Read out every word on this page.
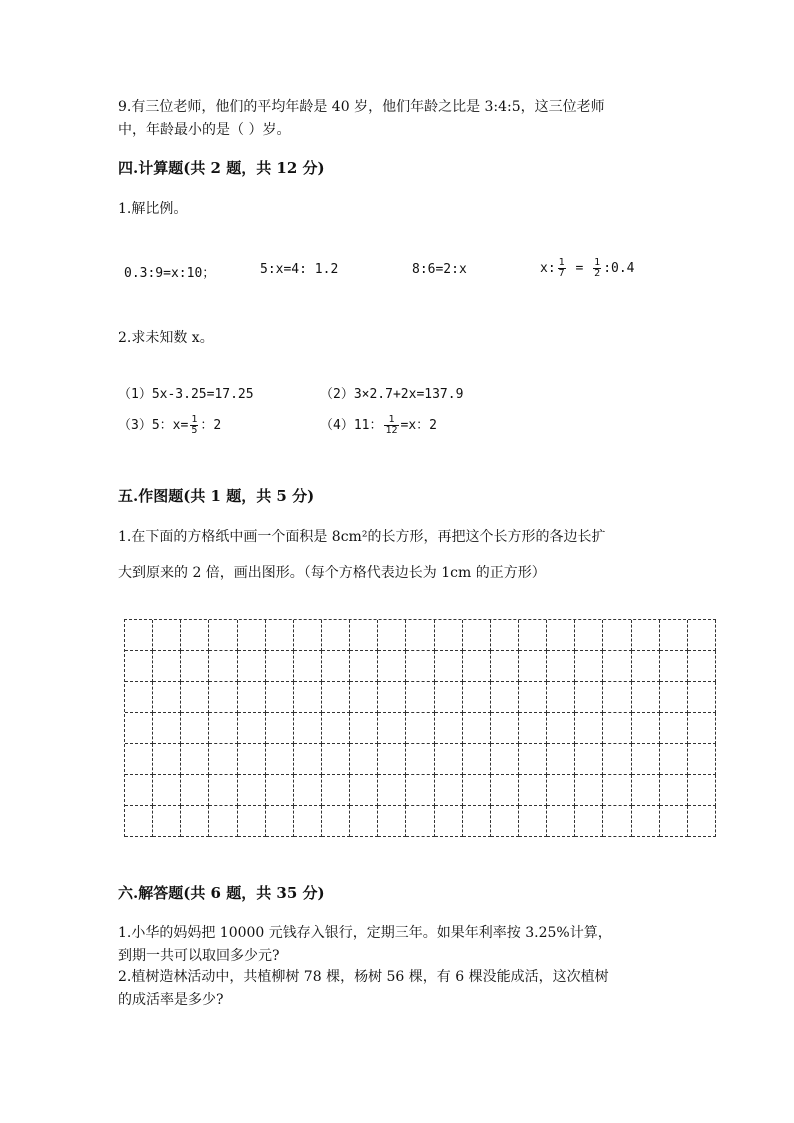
9.有三位老师，他们的平均年龄是 40 岁，他们年龄之比是 3:4:5，这三位老师
中，年龄最小的是（ ）岁。
四.计算题(共 2 题，共 12 分)
1.解比例。
0.3:9=x:10；	5:x=4: 1.2	8:6=2:x	x: $\frac{1}{7} = \frac{1}{2}$ :0.4
2.求未知数 x。
（1）5x-3.25=17.25	（2）3×2.7+2x=137.9
（3）5：$x= \frac{1}{5}$ ：2	（4）11： $\frac{1}{12} =x$：2
五.作图题(共 1 题，共 5 分)
1.在下面的方格纸中画一个面积是 8cm²的长方形，再把这个长方形的各边长扩
大到原来的 2 倍，画出图形。（每个方格代表边长为 1cm 的正方形）
六.解答题(共 6 题，共 35 分)
1.小华的妈妈把 10000 元钱存入银行，定期三年。如果年利率按 3.25%计算，
到期一共可以取回多少元?
2.植树造林活动中，共植柳树 78 棵，杨树 56 棵，有 6 棵没能成活，这次植树
的成活率是多少?
